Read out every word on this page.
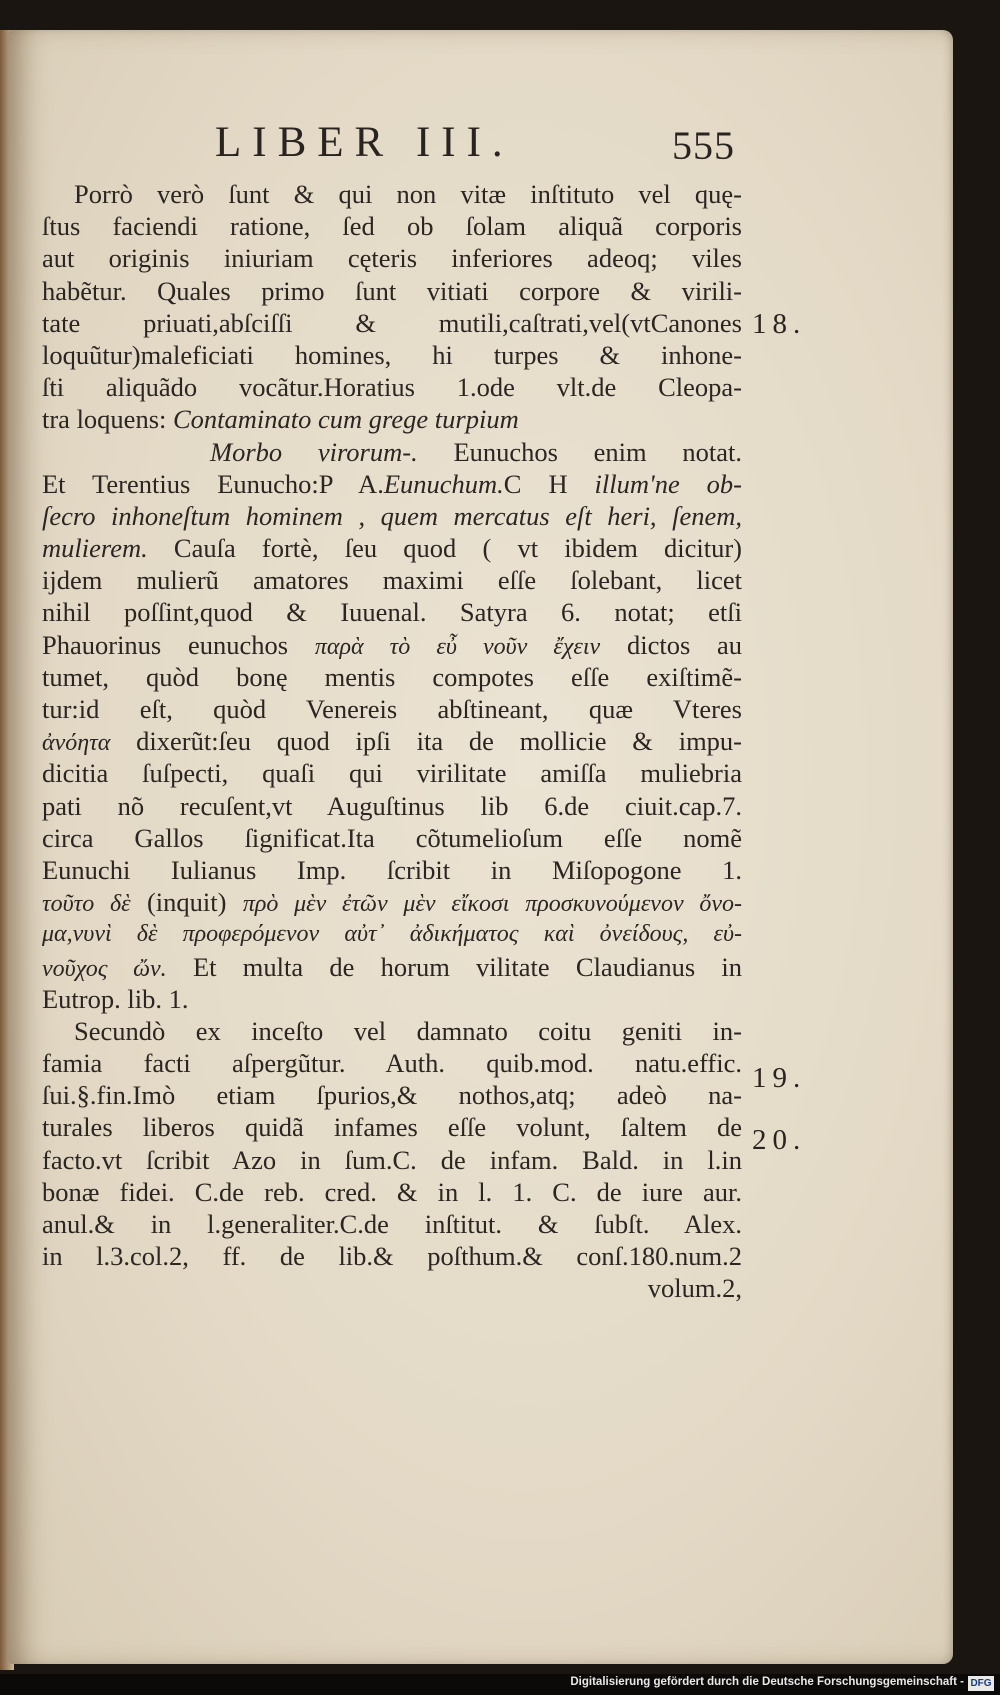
LIBER III.	555
Porrò verò ſunt & qui non vitæ inſtituto vel quę-
ſtus faciendi ratione, ſed ob ſolam aliquã corporis
aut originis iniuriam cęteris inferiores adeoq; viles
habẽtur. Quales primo ſunt vitiati corpore & virili-
tate priuati,abſciſſi & mutili,caſtrati,vel(vtCanones
loquũtur)maleficiati homines, hi turpes & inhone-
ſti aliquãdo vocãtur.Horatius 1.ode vlt.de Cleopa-
tra loquens: Contaminato cum grege turpium
Morbo virorum-. Eunuchos enim notat.
Et Terentius Eunucho:P A.Eunuchum.C H illum'ne ob-
ſecro inhoneſtum hominem , quem mercatus eſt heri, ſenem,
mulierem. Cauſa fortè, ſeu quod ( vt ibidem dicitur)
ijdem mulierũ amatores maximi eſſe ſolebant, licet
nihil poſſint,quod & Iuuenal. Satyra 6. notat; etſi
Phauorinus eunuchos παρὰ τὸ εὖ νοῦν ἔχειν dictos au
tumet, quòd bonę mentis compotes eſſe exiſtimẽ-
tur:id eſt, quòd Venereis abſtineant, quæ Vteres
ἀνόητα dixerũt:ſeu quod ipſi ita de mollicie & impu-
dicitia ſuſpecti, quaſi qui virilitate amiſſa muliebria
pati nõ recuſent,vt Auguſtinus lib 6.de ciuit.cap.7.
circa Gallos ſignificat.Ita cõtumelioſum eſſe nomẽ
Eunuchi Iulianus Imp. ſcribit in Miſopogone 1.
τοῦτο δὲ (inquit) πρὸ μὲν ἐτῶν μὲν εἴκοσι προσκυνούμενον ὄνο-
μα,νυνὶ δὲ προφερόμενον αὐτ᾽ ἀδικήματος καὶ ὀνείδους, εὐ-
νοῦχος ὤν. Et multa de horum vilitate Claudianus in
Eutrop. lib. 1.
Secundò ex inceſto vel damnato coitu geniti in-
famia facti aſpergũtur. Auth. quib.mod. natu.effic.
ſui.§.fin.Imò etiam ſpurios,& nothos,atq; adeò na-
turales liberos quidã infames eſſe volunt, ſaltem de
facto.vt ſcribit Azo in ſum.C. de infam. Bald. in l.in
bonæ fidei. C.de reb. cred. & in l. 1. C. de iure aur.
anul.& in l.generaliter.C.de inſtitut. & ſubſt. Alex.
in l.3.col.2, ff. de lib.& poſthum.& conſ.180.num.2
volum.2,
18.
19.
20.
Digitalisierung gefördert durch die Deutsche Forschungsgemeinschaft - DFG
